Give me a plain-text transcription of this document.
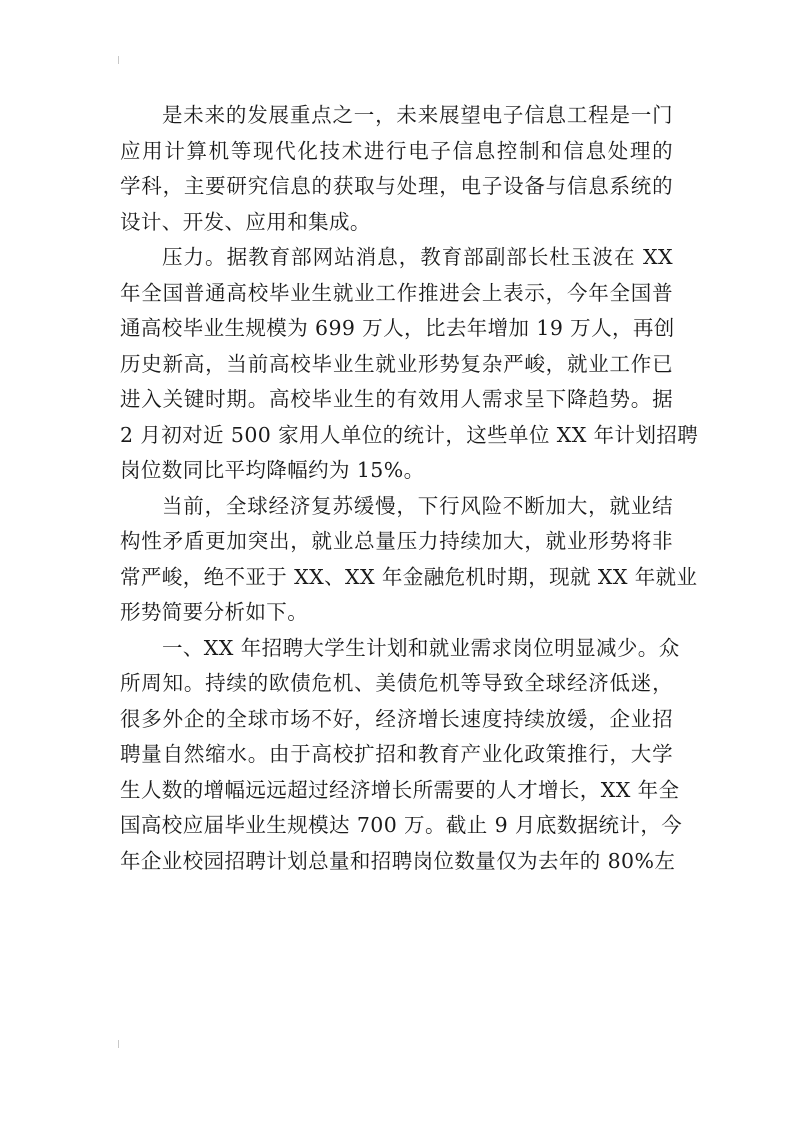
是未来的发展重点之一，未来展望电子信息工程是一门
应用计算机等现代化技术进行电子信息控制和信息处理的
学科，主要研究信息的获取与处理，电子设备与信息系统的
设计、开发、应用和集成。

压力。据教育部网站消息，教育部副部长杜玉波在 XX
年全国普通高校毕业生就业工作推进会上表示，今年全国普
通高校毕业生规模为 699 万人，比去年增加 19 万人，再创
历史新高，当前高校毕业生就业形势复杂严峻，就业工作已
进入关键时期。高校毕业生的有效用人需求呈下降趋势。据
2 月初对近 500 家用人单位的统计，这些单位 XX 年计划招聘
岗位数同比平均降幅约为 15%。

当前，全球经济复苏缓慢，下行风险不断加大，就业结
构性矛盾更加突出，就业总量压力持续加大，就业形势将非
常严峻，绝不亚于 XX、XX 年金融危机时期，现就 XX 年就业
形势简要分析如下。

一、XX 年招聘大学生计划和就业需求岗位明显减少。众
所周知。持续的欧债危机、美债危机等导致全球经济低迷，
很多外企的全球市场不好，经济增长速度持续放缓，企业招
聘量自然缩水。由于高校扩招和教育产业化政策推行，大学
生人数的增幅远远超过经济增长所需要的人才增长，XX 年全
国高校应届毕业生规模达 700 万。截止 9 月底数据统计，今
年企业校园招聘计划总量和招聘岗位数量仅为去年的 80%左
